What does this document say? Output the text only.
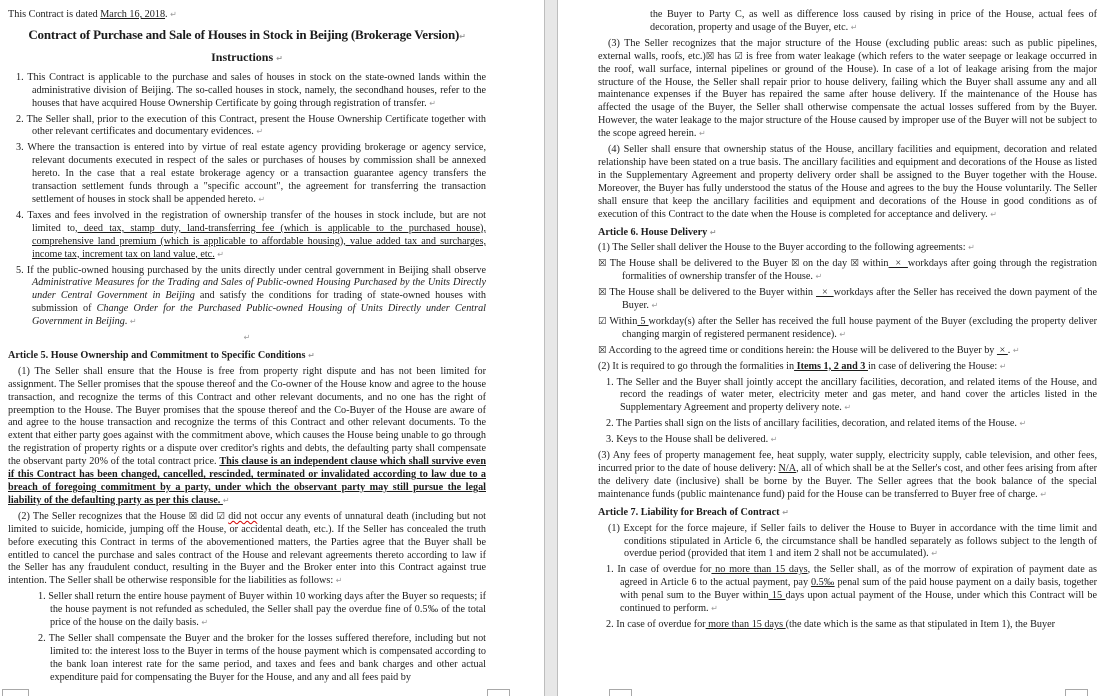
This Contract is dated March 16, 2018. ↵
Contract of Purchase and Sale of Houses in Stock in Beijing (Brokerage Version)↵
Instructions ↵
1. This Contract is applicable to the purchase and sales of houses in stock on the state-owned lands within the administrative division of Beijing. The so-called houses in stock, namely, the secondhand houses, refer to the houses that have acquired House Ownership Certificate by going through registration of transfer. ↵
2. The Seller shall, prior to the execution of this Contract, present the House Ownership Certificate together with other relevant certificates and documentary evidences. ↵
3. Where the transaction is entered into by virtue of real estate agency providing brokerage or agency service, relevant documents executed in respect of the sales or purchases of houses by commission shall be annexed hereto. In the case that a real estate brokerage agency or a transaction guarantee agency transfers the transaction settlement funds through a "specific account", the agreement for transferring the transaction settlement of houses in stock shall be appended hereto. ↵
4. Taxes and fees involved in the registration of ownership transfer of the houses in stock include, but are not limited to, deed tax, stamp duty, land-transferring fee (which is applicable to the purchased house), comprehensive land premium (which is applicable to affordable housing), value added tax and surcharges, income tax, increment tax on land value, etc. ↵
5. If the public-owned housing purchased by the units directly under central government in Beijing shall observe Administrative Measures for the Trading and Sales of Public-owned Housing Purchased by the Units Directly under Central Government in Beijing and satisfy the conditions for trading of state-owned houses with submission of Change Order for the Purchased Public-owned Housing of Units Directly under Central Government in Beijing. ↵
↵
Article 5. House Ownership and Commitment to Specific Conditions ↵
(1) The Seller shall ensure that the House is free from property right dispute and has not been limited for assignment. The Seller promises that the spouse thereof and the Co-owner of the House know and agree to the house transaction, and recognize the terms of this Contract and other relevant documents, and no one has the right of preemption to the House. The Buyer promises that the spouse thereof and the Co-Buyer of the House are aware of and agree to the house transaction and recognize the terms of this Contract and other relevant documents. To the extent that either party goes against with the commitment above, which causes the House being unable to go through the registration of property rights or a dispute over creditor's rights and debts, the defaulting party shall compensate the observant party 20% of the total contract price. This clause is an independent clause which shall survive even if this Contract has been changed, cancelled, rescinded, terminated or invalidated according to law due to a breach of foregoing commitment by a party, under which the observant party may still pursue the legal liability of the defaulting party as per this clause. ↵
(2) The Seller recognizes that the House ☒ did ☑ did not occur any events of unnatural death (including but not limited to suicide, homicide, jumping off the House, or accidental death, etc.). If the Seller has concealed the truth before executing this Contract in terms of the abovementioned matters, the Parties agree that the Buyer shall be entitled to cancel the purchase and sales contract of the House and relevant agreements thereto according to law if the Seller has any fraudulent conduct, resulting in the Buyer and the Broker enter into this Contract against true intention. The Seller shall be otherwise responsible for the liabilities as follows: ↵
1. Seller shall return the entire house payment of Buyer within 10 working days after the Buyer so requests; if the house payment is not refunded as scheduled, the Seller shall pay the overdue fine of 0.5‰ of the total price of the house on the daily basis. ↵
2. The Seller shall compensate the Buyer and the broker for the losses suffered therefore, including but not limited to: the interest loss to the Buyer in terms of the house payment which is compensated according to the bank loan interest rate for the same period, and taxes and fees and bank charges and other actual expenditure paid for compensating the Buyer for the House, and any and all fees paid by
the Buyer to Party C, as well as difference loss caused by rising in price of the House, actual fees of decoration, property and usage of the Buyer, etc. ↵
(3) The Seller recognizes that the major structure of the House (excluding public areas: such as public pipelines, external walls, roofs, etc.)☒ has ☑ is free from water leakage (which refers to the water seepage or leakage occurred in the roof, wall surface, internal pipelines or ground of the House). In case of a lot of leakage arising from the major structure of the House, the Seller shall repair prior to house delivery, failing which the Buyer shall assume any and all maintenance expenses if the Buyer has repaired the same after house delivery. If the maintenance of the House has affected the usage of the Buyer, the Seller shall otherwise compensate the actual losses suffered from by the Buyer. However, the water leakage to the major structure of the House caused by improper use of the Buyer will not be subject to the scope agreed herein. ↵
(4) Seller shall ensure that ownership status of the House, ancillary facilities and equipment, decoration and related relationship have been stated on a true basis. The ancillary facilities and equipment and decorations of the House as listed in the Supplementary Agreement and property delivery order shall be assigned to the Buyer together with the House. Moreover, the Buyer has fully understood the status of the House and agrees to the buy the House voluntarily. The Seller shall ensure that keep the ancillary facilities and equipment and decorations of the House in good conditions as of execution of this Contract to the date when the House is completed for acceptance and delivery. ↵
Article 6. House Delivery ↵
(1) The Seller shall deliver the House to the Buyer according to the following agreements: ↵
☒ The House shall be delivered to the Buyer ☒ on the day ☒ within  ×  workdays after going through the registration formalities of ownership transfer of the House. ↵
☒ The House shall be delivered to the Buyer within   ×  workdays after the Seller has received the down payment of the Buyer. ↵
☑ Within 5 workday(s) after the Seller has received the full house payment of the Buyer (excluding the property deliver changing margin of registered permanent residence). ↵
☒ According to the agreed time or conditions herein: the House will be delivered to the Buyer by  × . ↵
(2) It is required to go through the formalities in Items 1, 2 and 3 in case of delivering the House: ↵
1. The Seller and the Buyer shall jointly accept the ancillary facilities, decoration, and related items of the House, and record the readings of water meter, electricity meter and gas meter, and hand cover the articles listed in the Supplementary Agreement and property delivery note. ↵
2. The Parties shall sign on the lists of ancillary facilities, decoration, and related items of the House. ↵
3. Keys to the House shall be delivered. ↵
(3) Any fees of property management fee, heat supply, water supply, electricity supply, cable television, and other fees, incurred prior to the date of house delivery: N/A, all of which shall be at the Seller's cost, and other fees arising from after the delivery date (inclusive) shall be borne by the Buyer. The Seller agrees that the book balance of the special maintenance funds (public maintenance fund) paid for the House can be transferred to Buyer free of charge. ↵
Article 7. Liability for Breach of Contract ↵
(1) Except for the force majeure, if Seller fails to deliver the House to Buyer in accordance with the time limit and conditions stipulated in Article 6, the circumstance shall be handled separately as follows subject to the length of overdue period (provided that item 1 and item 2 shall not be accumulated). ↵
1. In case of overdue for no more than 15 days, the Seller shall, as of the morrow of expiration of payment date as agreed in Article 6 to the actual payment, pay 0.5‰ penal sum of the paid house payment on a daily basis, together with penal sum to the Buyer within 15 days upon actual payment of the House, under which this Contract will be continued to perform. ↵
2. In case of overdue for more than 15 days (the date which is the same as that stipulated in Item 1), the Buyer
